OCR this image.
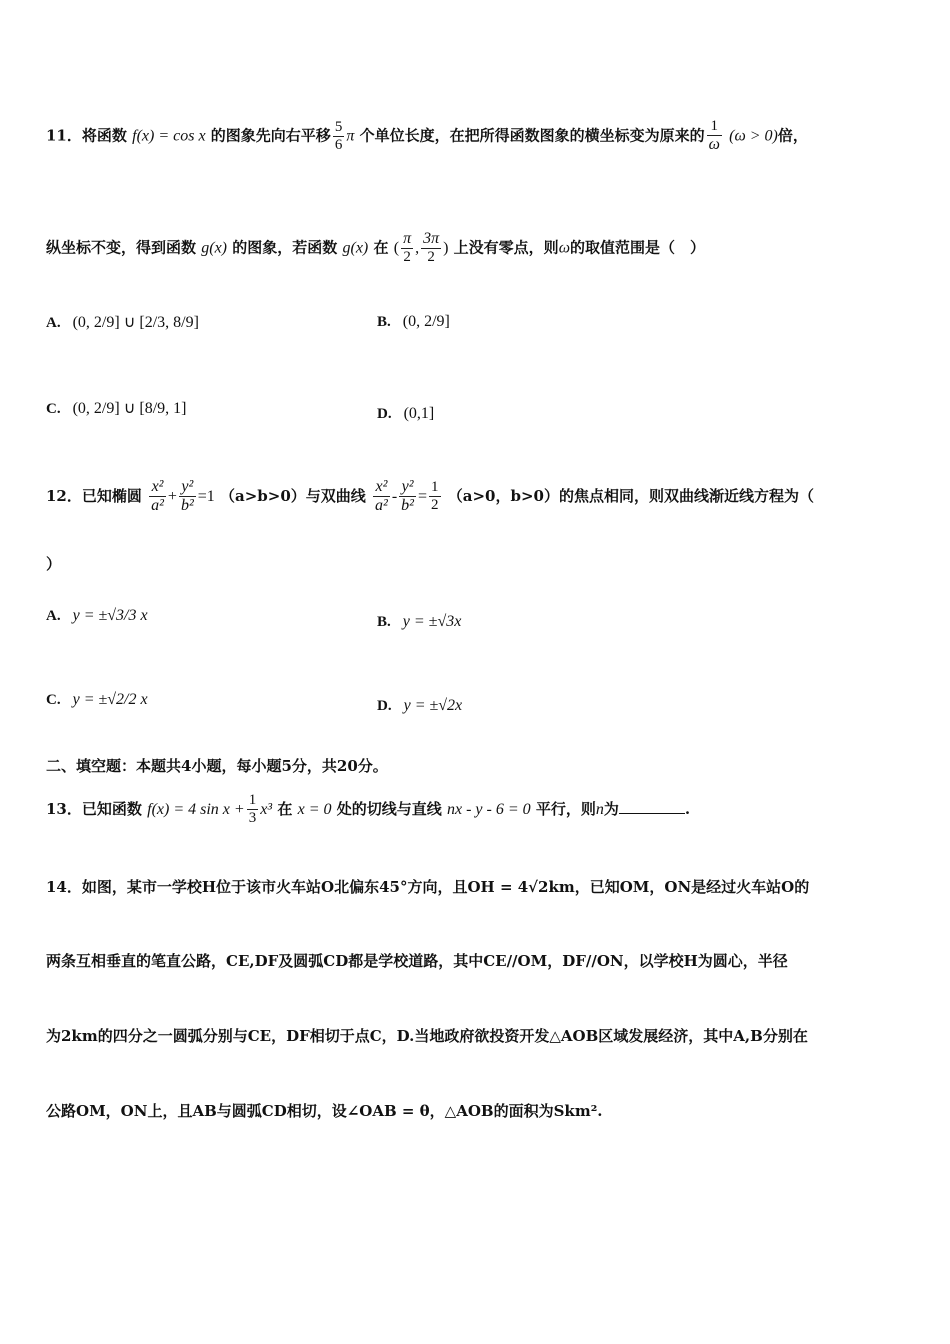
11．将函数 f(x) = cos x 的图象先向右平移 $\frac{5}{6}$ π 个单位长度，在把所得函数图象的横坐标变为原来的 $\frac{1}{\omega} (\omega > 0)$倍，
纵坐标不变，得到函数 g(x) 的图象，若函数 g(x) 在 ( $\frac{\pi}{2}$ , $\frac{3\pi}{2}$ ) 上没有零点，则ω的取值范围是（　）
A. (0, 2/9] ∪ [2/3, 8/9]	B. (0, 2/9]
C. (0, 2/9] ∪ [8/9, 1]	D. (0,1]
12．已知椭圆 $\frac{\text{x²}}{\text{a²}} + \frac{\text{y²}}{\text{b²}} =1$ （a>b>0）与双曲线 $\frac{\text{x²}}{\text{a²}} - \frac{\text{y²}}{\text{b²}} = \frac{1}{2} (a>0$，b>0）的焦点相同，则双曲线渐近线方程为（
）
A. y = ±√3/3 x	B. y = ±√3x
C. y = ±√2/2 x	D. y = ±√2x
二、填空题：本题共4小题，每小题5分，共20分。
13．已知函数 f(x) = 4 $\sin x + \frac{1}{3} x^3$ 在 x = 0 处的切线与直线 nx - y - 6 = 0 平行，则n为	.
14．如图，某市一学校H位于该市火车站O北偏东45°方向，且OH = 4√2km，已知OM，ON是经过火车站O的
两条互相垂直的笔直公路，CE,DF及圆弧CD都是学校道路，其中CE//OM，DF//ON，以学校H为圆心，半径
为2km的四分之一圆弧分别与CE，DF相切于点C，D.当地政府欲投资开发△AOB区域发展经济，其中A,B分别在
公路OM，ON上，且AB与圆弧CD相切，设∠OAB = θ，△AOB的面积为Skm².
